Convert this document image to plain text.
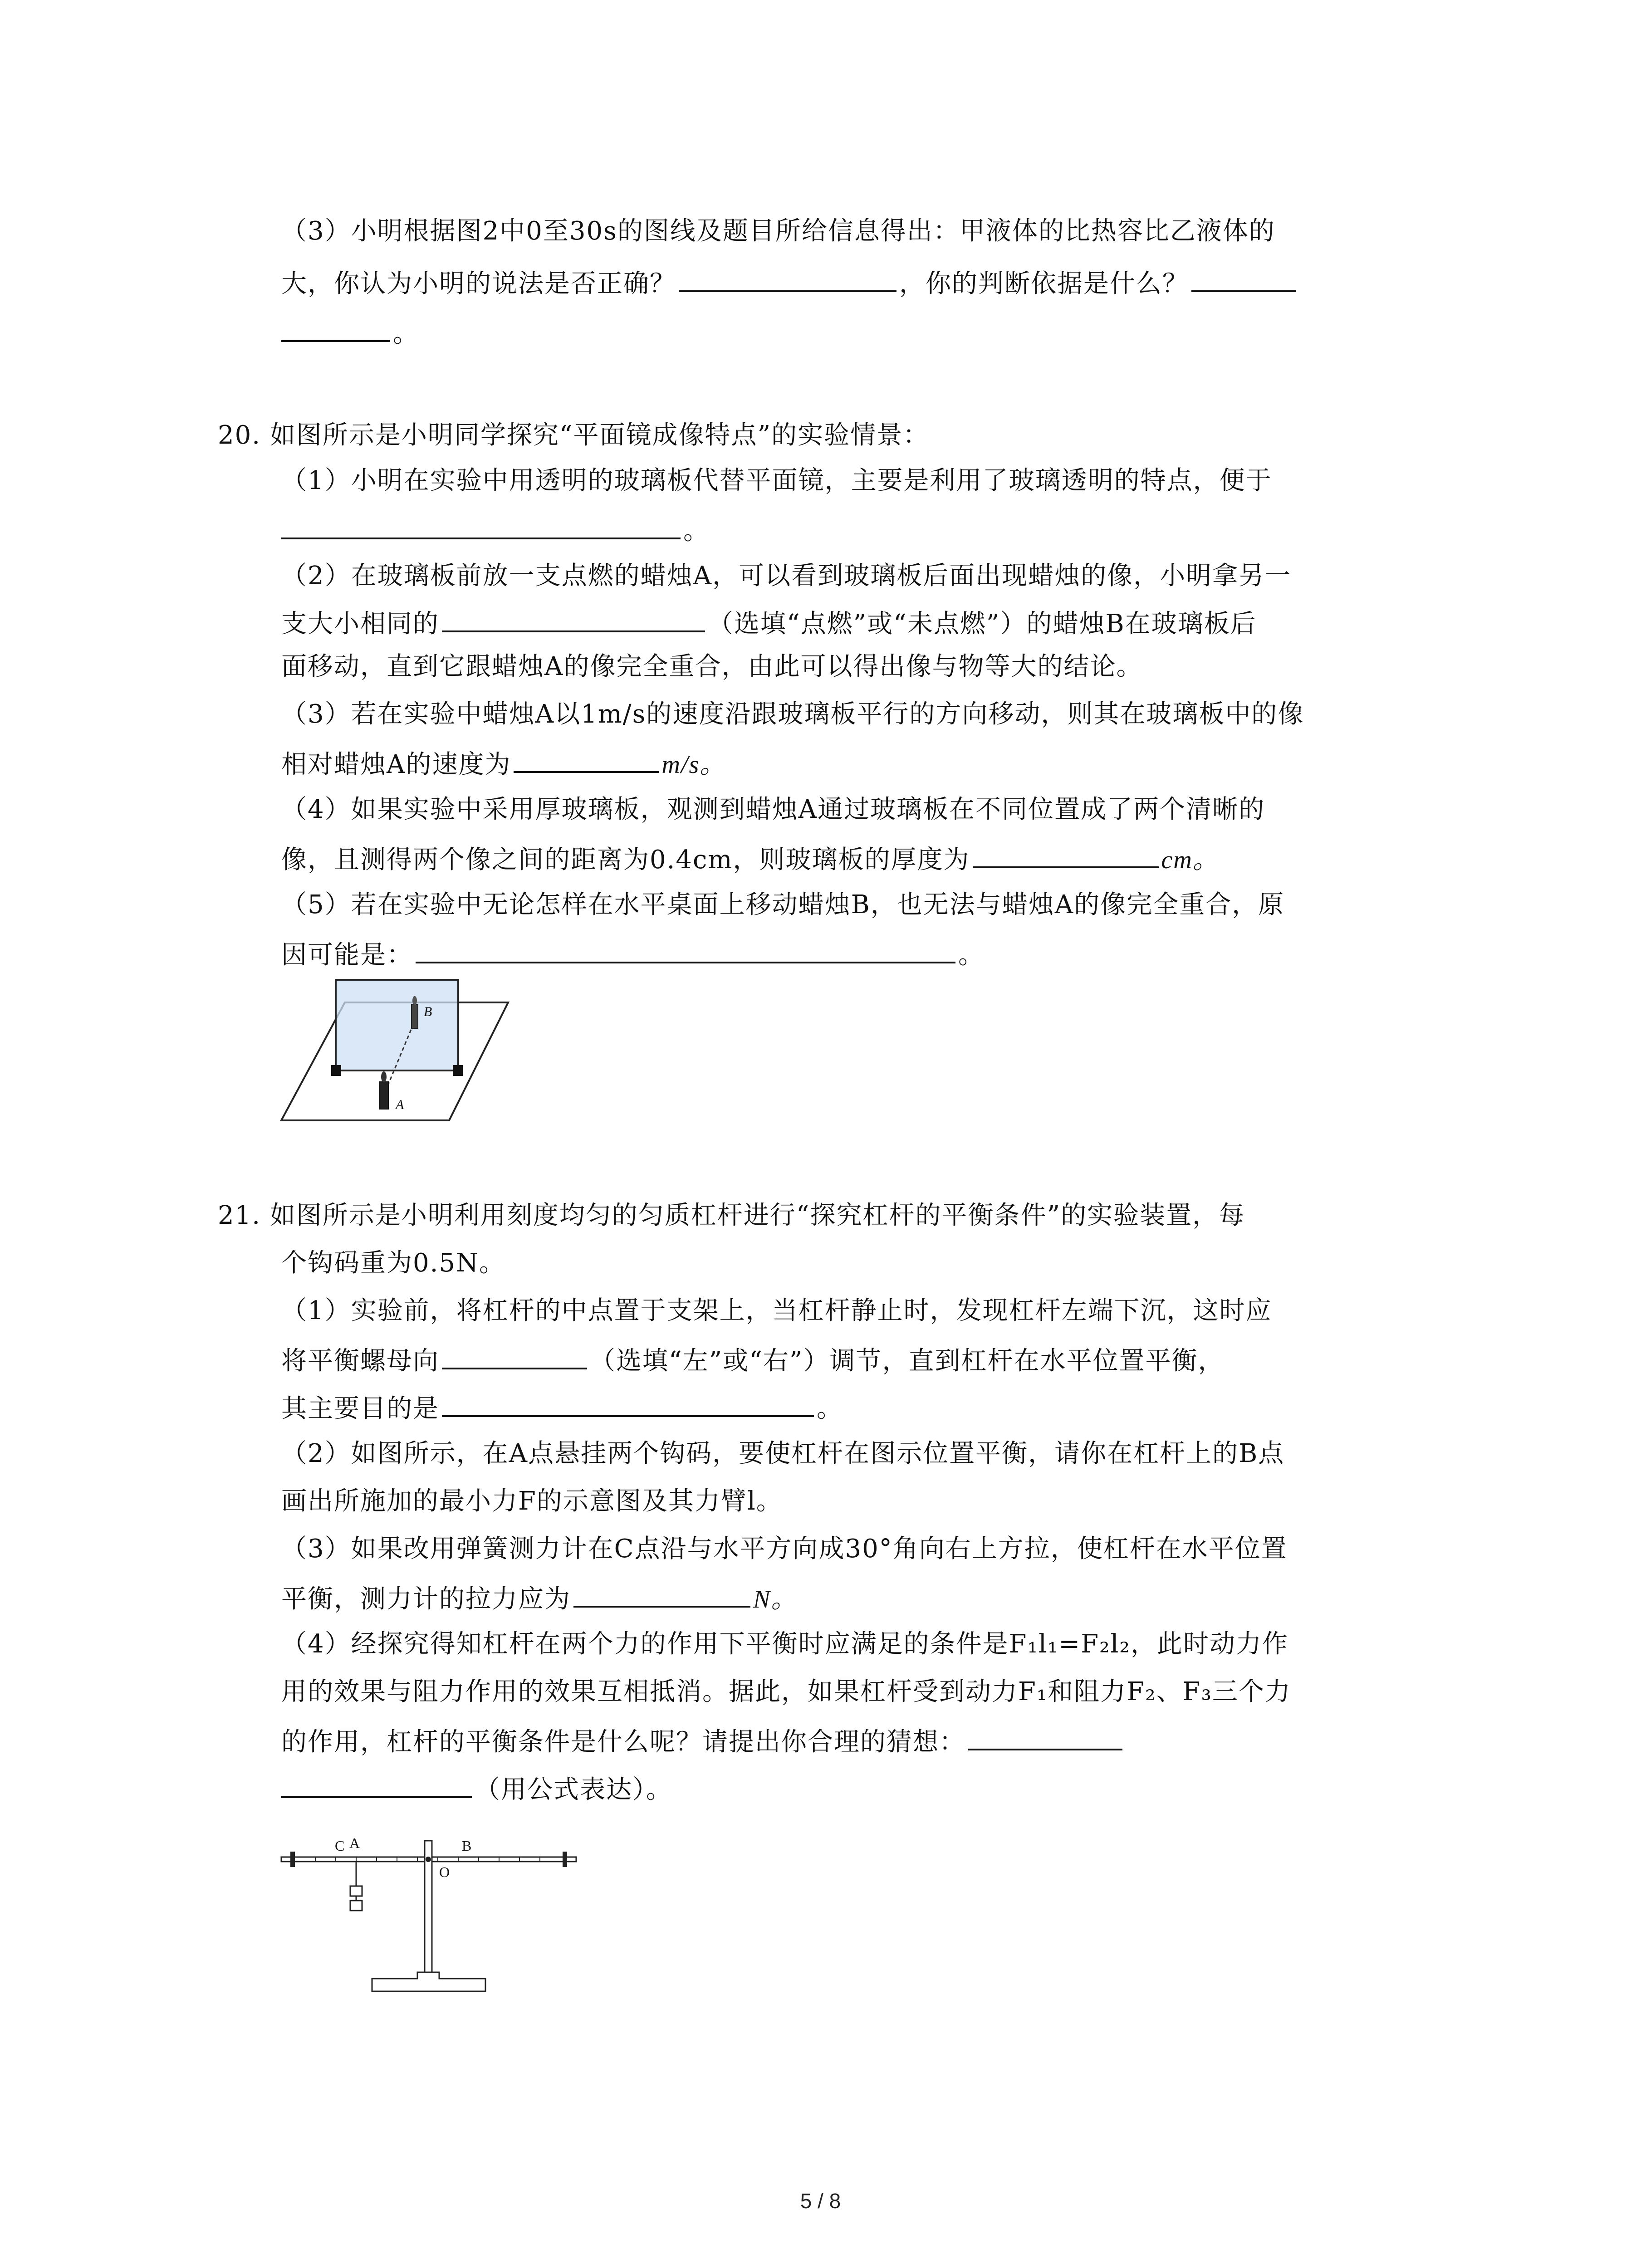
（3）小明根据图2中0至30s的图线及题目所给信息得出：甲液体的比热容比乙液体的
大，你认为小明的说法是否正确？	，你的判断依据是什么？
。
20. 如图所示是小明同学探究“平面镜成像特点”的实验情景：
（1）小明在实验中用透明的玻璃板代替平面镜，主要是利用了玻璃透明的特点，便于
。
（2）在玻璃板前放一支点燃的蜡烛A，可以看到玻璃板后面出现蜡烛的像，小明拿另一
支大小相同的	（选填“点燃”或“未点燃”）的蜡烛B在玻璃板后
面移动，直到它跟蜡烛A的像完全重合，由此可以得出像与物等大的结论。
（3）若在实验中蜡烛A以1m/s的速度沿跟玻璃板平行的方向移动，则其在玻璃板中的像
相对蜡烛A的速度为	m/s。
（4）如果实验中采用厚玻璃板，观测到蜡烛A通过玻璃板在不同位置成了两个清晰的
像，且测得两个像之间的距离为0.4cm，则玻璃板的厚度为	cm。
（5）若在实验中无论怎样在水平桌面上移动蜡烛B，也无法与蜡烛A的像完全重合，原
因可能是：	。
B
A
21. 如图所示是小明利用刻度均匀的匀质杠杆进行“探究杠杆的平衡条件”的实验装置，每
个钩码重为0.5N。
（1）实验前，将杠杆的中点置于支架上，当杠杆静止时，发现杠杆左端下沉，这时应
将平衡螺母向	（选填“左”或“右”）调节，直到杠杆在水平位置平衡，
其主要目的是	。
（2）如图所示，在A点悬挂两个钩码，要使杠杆在图示位置平衡，请你在杠杆上的B点
画出所施加的最小力F的示意图及其力臂l。
（3）如果改用弹簧测力计在C点沿与水平方向成30°角向右上方拉，使杠杆在水平位置
平衡，测力计的拉力应为	N。
（4）经探究得知杠杆在两个力的作用下平衡时应满足的条件是F₁l₁=F₂l₂，此时动力作
用的效果与阻力作用的效果互相抵消。据此，如果杠杆受到动力F₁和阻力F₂、F₃三个力
的作用，杠杆的平衡条件是什么呢？请提出你合理的猜想：
（用公式表达）。
C A	B
O
5 / 8
